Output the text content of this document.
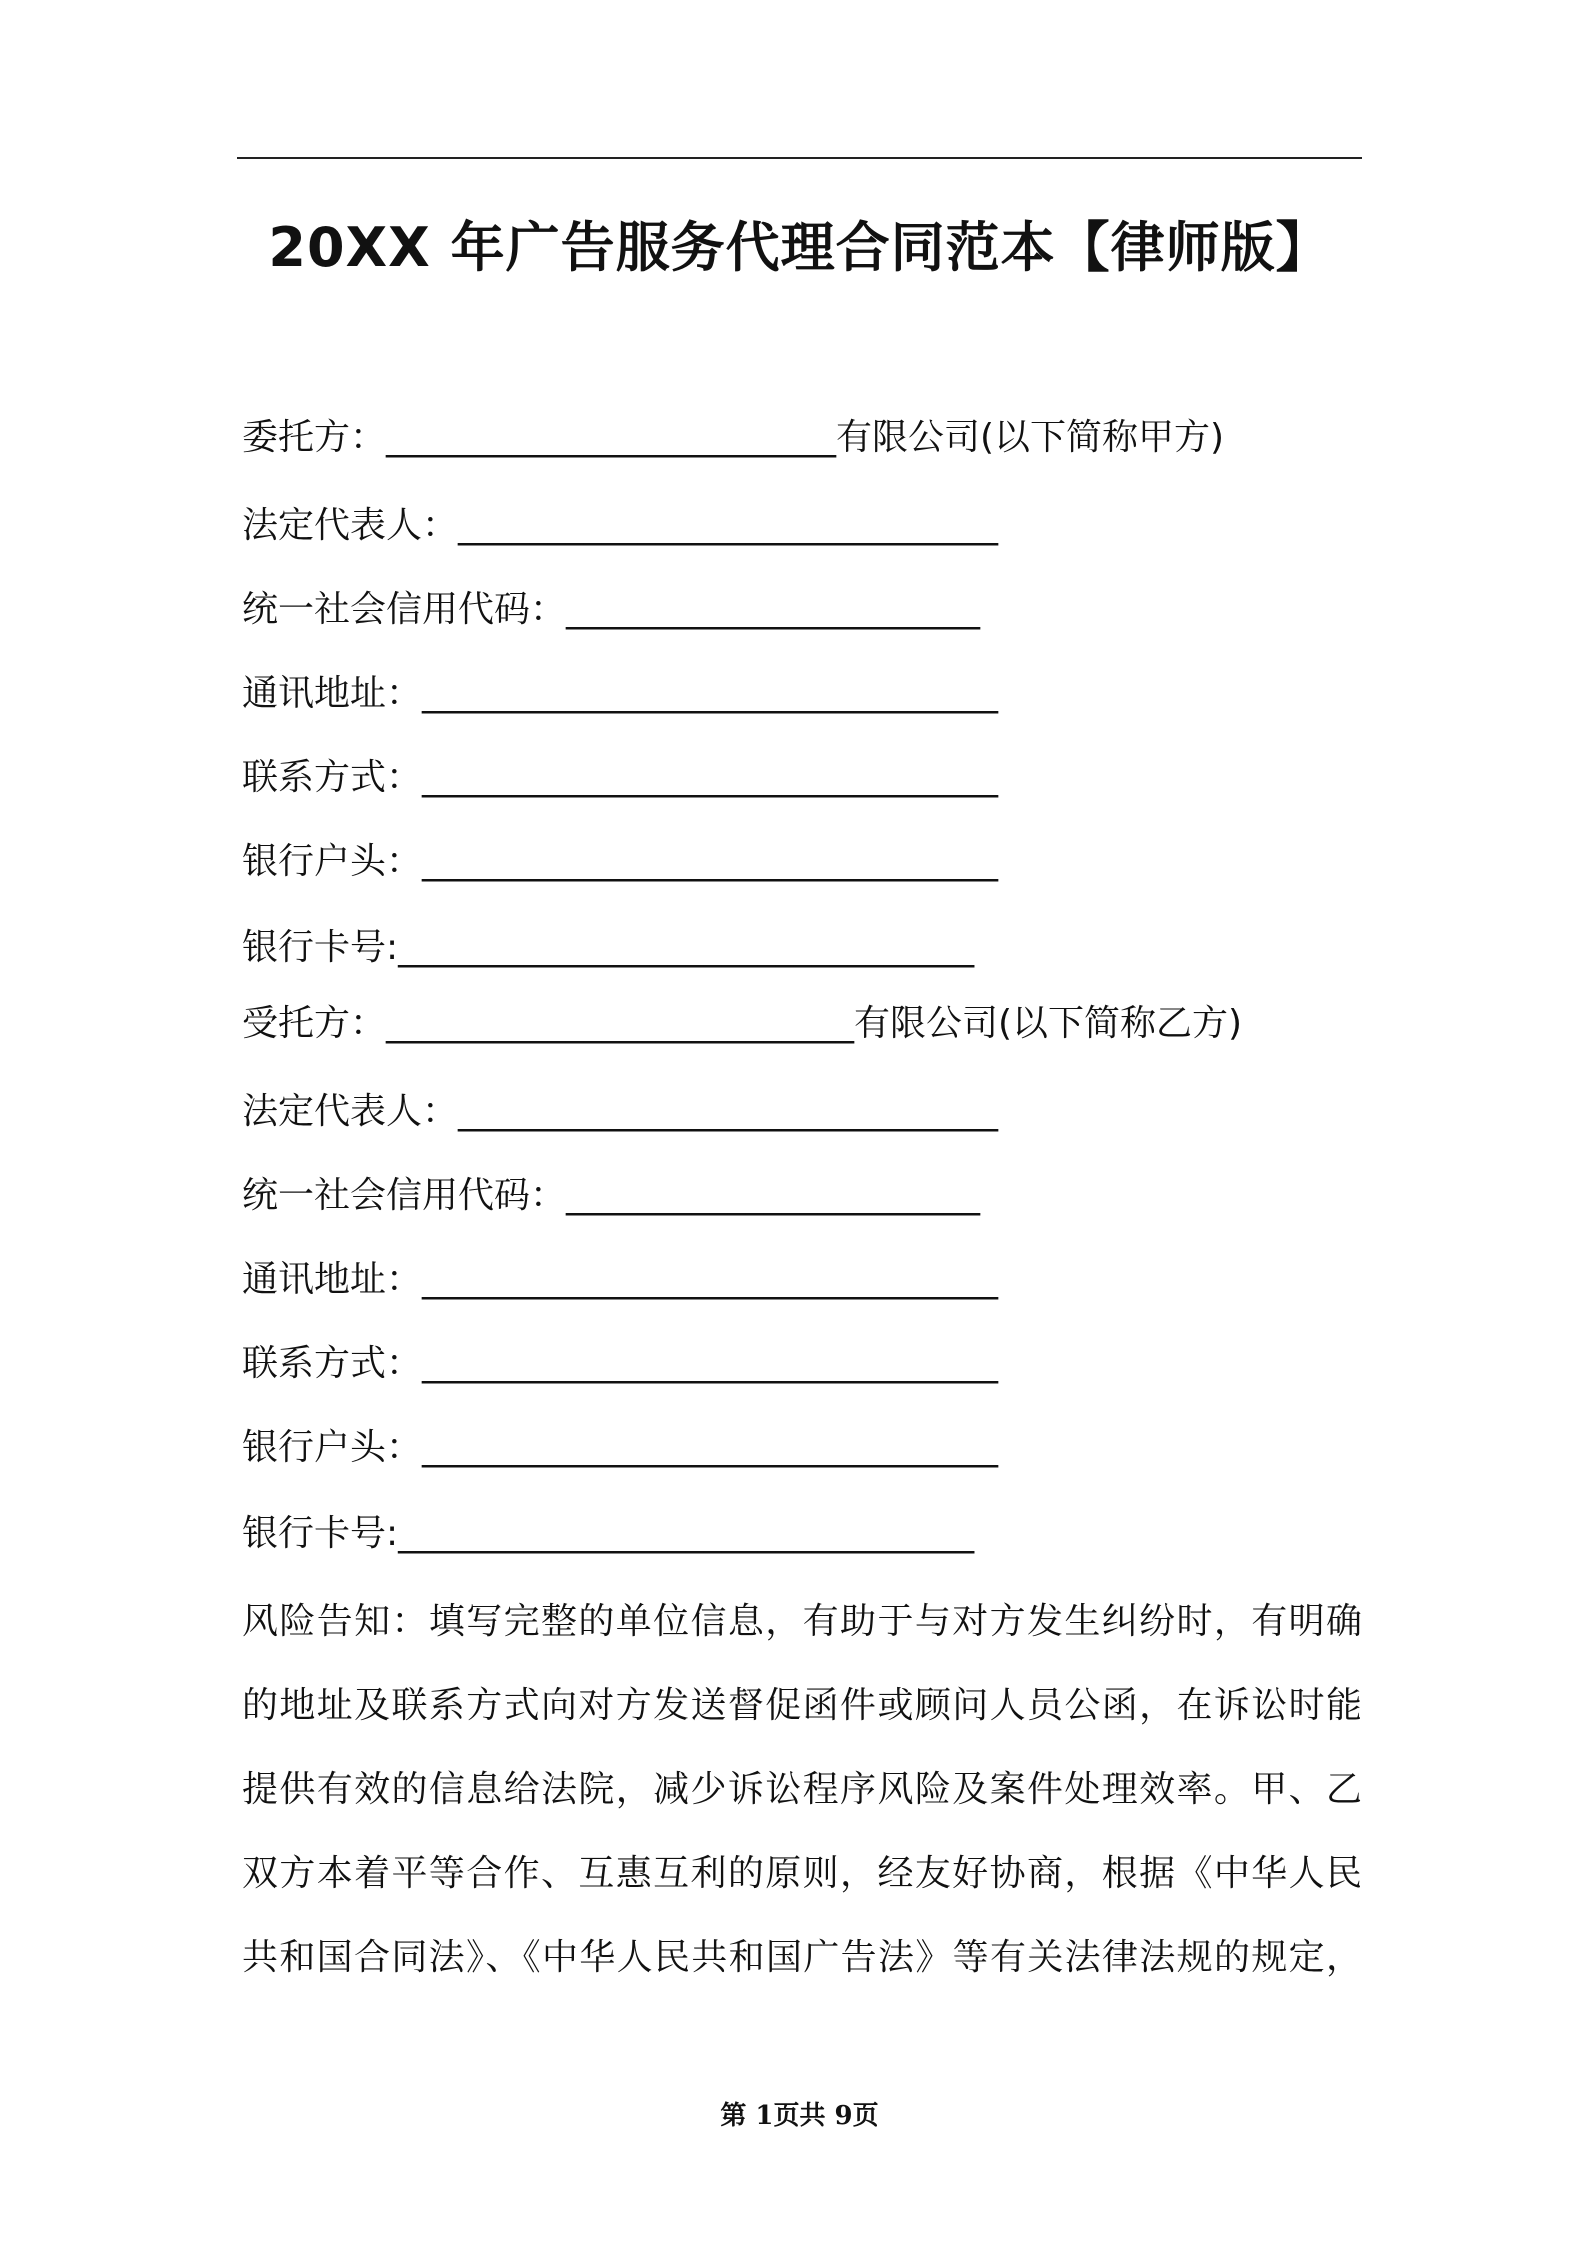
20XX 年广告服务代理合同范本【律师版】
委托方：_________________________有限公司(以下简称甲方)
法定代表人：______________________________
统一社会信用代码：_______________________
通讯地址：________________________________
联系方式：________________________________
银行户头：________________________________
银行卡号:________________________________
受托方：__________________________有限公司(以下简称乙方)
法定代表人：______________________________
统一社会信用代码：_______________________
通讯地址：________________________________
联系方式：________________________________
银行户头：________________________________
银行卡号:________________________________
风险告知：填写完整的单位信息，有助于与对方发生纠纷时，有明确
的地址及联系方式向对方发送督促函件或顾问人员公函，在诉讼时能
提供有效的信息给法院，减少诉讼程序风险及案件处理效率。甲、乙
双方本着平等合作、互惠互利的原则，经友好协商，根据《中华人民
共和国合同法》、《中华人民共和国广告法》等有关法律法规的规定，
第 1页共 9页
